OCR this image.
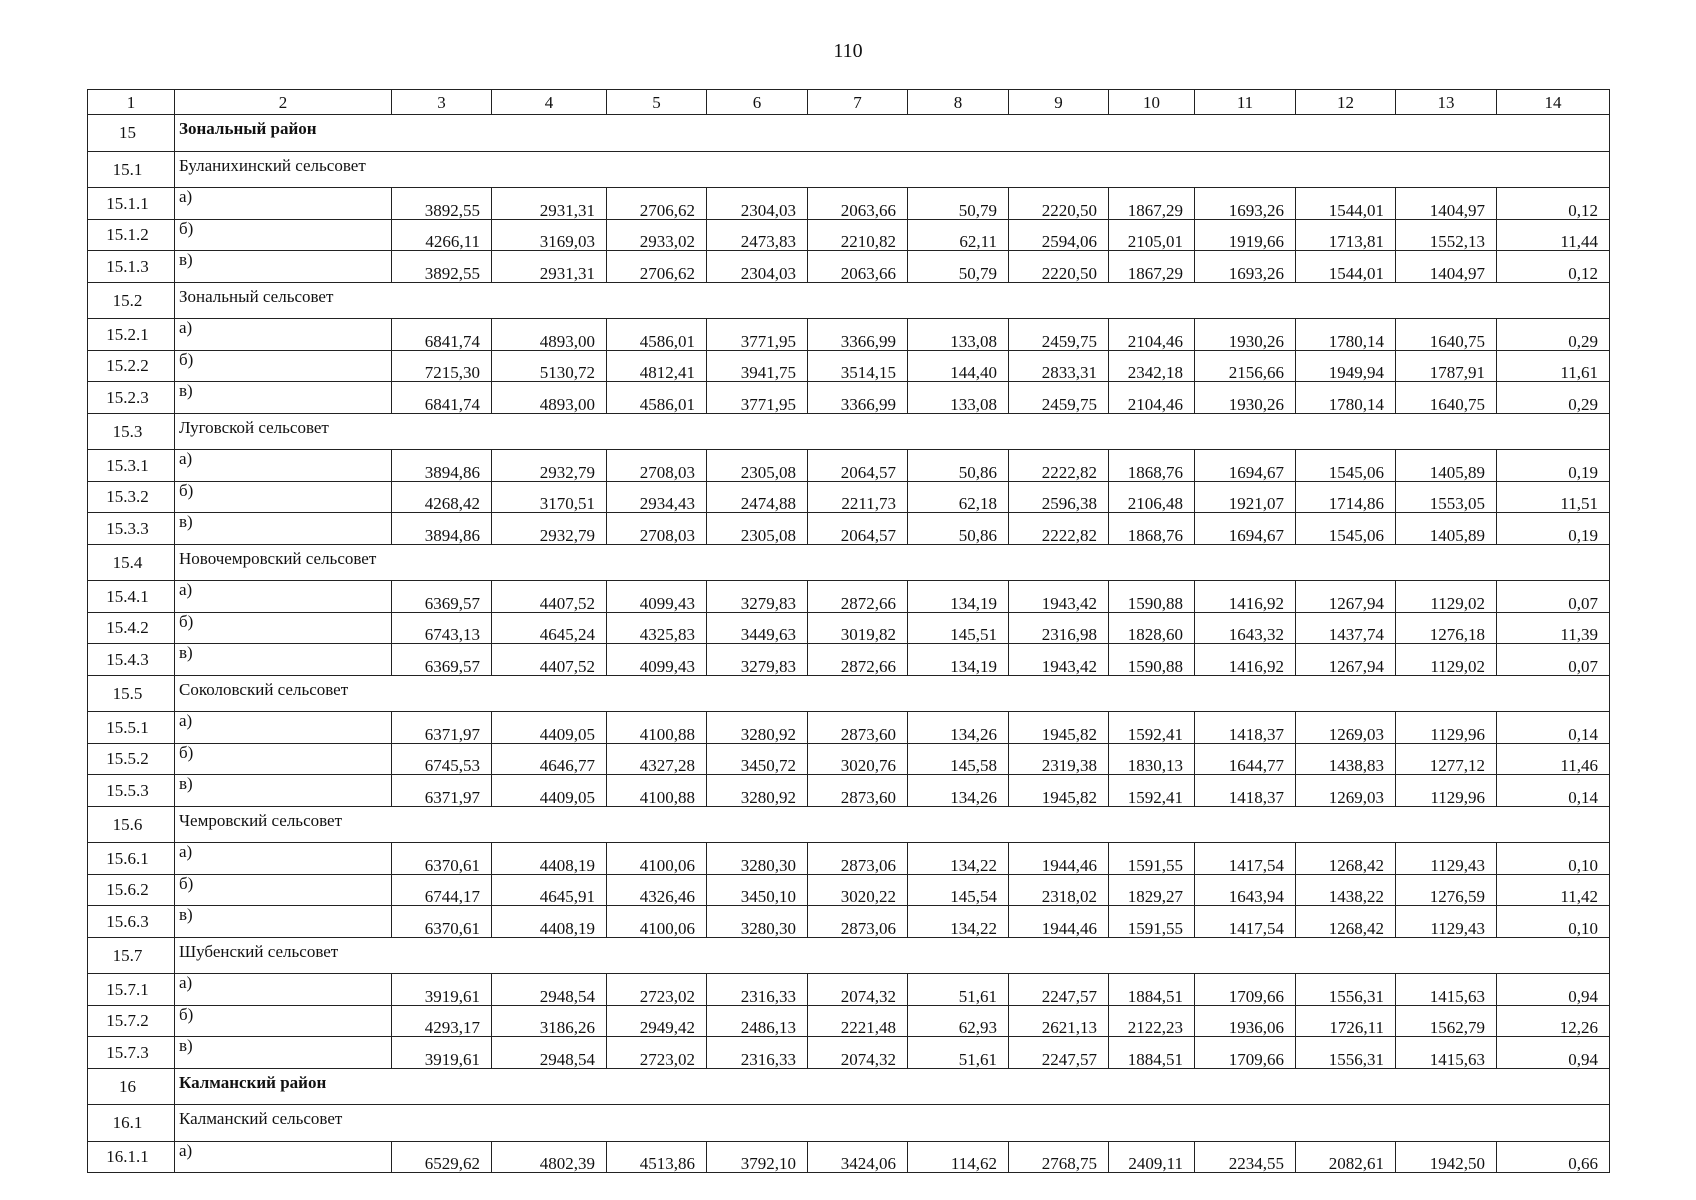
110
1	2	3	4	5	6	7	8	9	10	11	12	13	14
15	Зональный район												
15.1	Буланихинский сельсовет												
15.1.1	а)	3892,55	2931,31	2706,62	2304,03	2063,66	50,79	2220,50	1867,29	1693,26	1544,01	1404,97	0,12
15.1.2	б)	4266,11	3169,03	2933,02	2473,83	2210,82	62,11	2594,06	2105,01	1919,66	1713,81	1552,13	11,44
15.1.3	в)	3892,55	2931,31	2706,62	2304,03	2063,66	50,79	2220,50	1867,29	1693,26	1544,01	1404,97	0,12
15.2	Зональный сельсовет												
15.2.1	а)	6841,74	4893,00	4586,01	3771,95	3366,99	133,08	2459,75	2104,46	1930,26	1780,14	1640,75	0,29
15.2.2	б)	7215,30	5130,72	4812,41	3941,75	3514,15	144,40	2833,31	2342,18	2156,66	1949,94	1787,91	11,61
15.2.3	в)	6841,74	4893,00	4586,01	3771,95	3366,99	133,08	2459,75	2104,46	1930,26	1780,14	1640,75	0,29
15.3	Луговской сельсовет												
15.3.1	а)	3894,86	2932,79	2708,03	2305,08	2064,57	50,86	2222,82	1868,76	1694,67	1545,06	1405,89	0,19
15.3.2	б)	4268,42	3170,51	2934,43	2474,88	2211,73	62,18	2596,38	2106,48	1921,07	1714,86	1553,05	11,51
15.3.3	в)	3894,86	2932,79	2708,03	2305,08	2064,57	50,86	2222,82	1868,76	1694,67	1545,06	1405,89	0,19
15.4	Новочемровский сельсовет												
15.4.1	а)	6369,57	4407,52	4099,43	3279,83	2872,66	134,19	1943,42	1590,88	1416,92	1267,94	1129,02	0,07
15.4.2	б)	6743,13	4645,24	4325,83	3449,63	3019,82	145,51	2316,98	1828,60	1643,32	1437,74	1276,18	11,39
15.4.3	в)	6369,57	4407,52	4099,43	3279,83	2872,66	134,19	1943,42	1590,88	1416,92	1267,94	1129,02	0,07
15.5	Соколовский сельсовет												
15.5.1	а)	6371,97	4409,05	4100,88	3280,92	2873,60	134,26	1945,82	1592,41	1418,37	1269,03	1129,96	0,14
15.5.2	б)	6745,53	4646,77	4327,28	3450,72	3020,76	145,58	2319,38	1830,13	1644,77	1438,83	1277,12	11,46
15.5.3	в)	6371,97	4409,05	4100,88	3280,92	2873,60	134,26	1945,82	1592,41	1418,37	1269,03	1129,96	0,14
15.6	Чемровский сельсовет												
15.6.1	а)	6370,61	4408,19	4100,06	3280,30	2873,06	134,22	1944,46	1591,55	1417,54	1268,42	1129,43	0,10
15.6.2	б)	6744,17	4645,91	4326,46	3450,10	3020,22	145,54	2318,02	1829,27	1643,94	1438,22	1276,59	11,42
15.6.3	в)	6370,61	4408,19	4100,06	3280,30	2873,06	134,22	1944,46	1591,55	1417,54	1268,42	1129,43	0,10
15.7	Шубенский сельсовет												
15.7.1	а)	3919,61	2948,54	2723,02	2316,33	2074,32	51,61	2247,57	1884,51	1709,66	1556,31	1415,63	0,94
15.7.2	б)	4293,17	3186,26	2949,42	2486,13	2221,48	62,93	2621,13	2122,23	1936,06	1726,11	1562,79	12,26
15.7.3	в)	3919,61	2948,54	2723,02	2316,33	2074,32	51,61	2247,57	1884,51	1709,66	1556,31	1415,63	0,94
16	Калманский район												
16.1	Калманский сельсовет												
16.1.1	а)	6529,62	4802,39	4513,86	3792,10	3424,06	114,62	2768,75	2409,11	2234,55	2082,61	1942,50	0,66
